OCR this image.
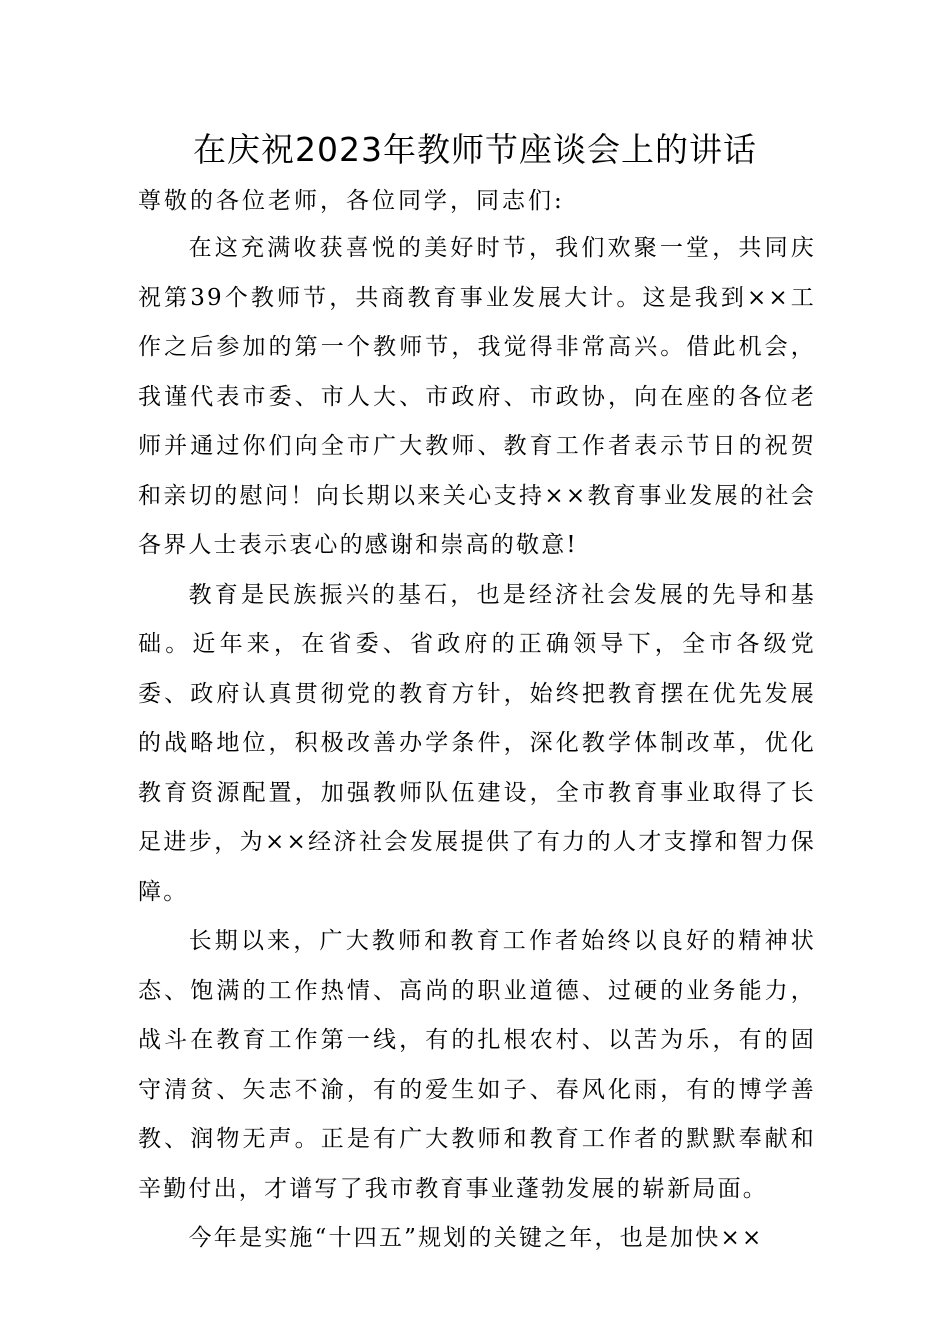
在庆祝2023年教师节座谈会上的讲话

尊敬的各位老师，各位同学，同志们:

在这充满收获喜悦的美好时节，我们欢聚一堂，共同庆祝第39个教师节，共商教育事业发展大计。这是我到××工作之后参加的第一个教师节，我觉得非常高兴。借此机会，我谨代表市委、市人大、市政府、市政协，向在座的各位老师并通过你们向全市广大教师、教育工作者表示节日的祝贺和亲切的慰问！向长期以来关心支持××教育事业发展的社会各界人士表示衷心的感谢和崇高的敬意!

教育是民族振兴的基石，也是经济社会发展的先导和基础。近年来，在省委、省政府的正确领导下，全市各级党委、政府认真贯彻党的教育方针，始终把教育摆在优先发展的战略地位，积极改善办学条件，深化教学体制改革，优化教育资源配置，加强教师队伍建设，全市教育事业取得了长足进步，为××经济社会发展提供了有力的人才支撑和智力保障。

长期以来，广大教师和教育工作者始终以良好的精神状态、饱满的工作热情、高尚的职业道德、过硬的业务能力，战斗在教育工作第一线，有的扎根农村、以苦为乐，有的固守清贫、矢志不渝，有的爱生如子、春风化雨，有的博学善教、润物无声。正是有广大教师和教育工作者的默默奉献和辛勤付出，才谱写了我市教育事业蓬勃发展的崭新局面。

今年是实施“十四五”规划的关键之年，也是加快××
